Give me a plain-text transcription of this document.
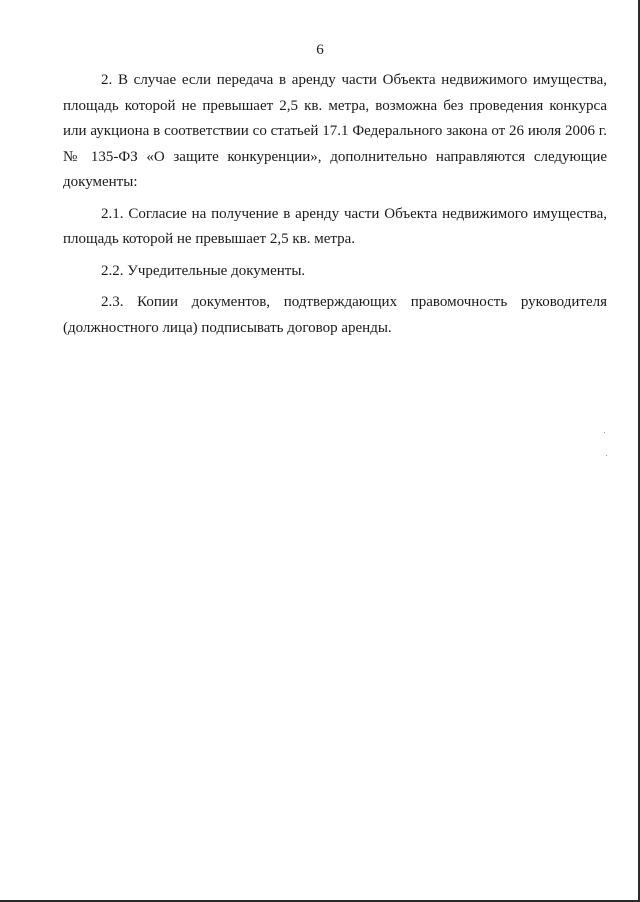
6

2. В случае если передача в аренду части Объекта недвижимого имущества, площадь которой не превышает 2,5 кв. метра, возможна без проведения конкурса или аукциона в соответствии со статьей 17.1 Федерального закона от 26 июля 2006 г. № 135-ФЗ «О защите конкуренции», дополнительно направляются следующие документы:

2.1. Согласие на получение в аренду части Объекта недвижимого имущества, площадь которой не превышает 2,5 кв. метра.

2.2. Учредительные документы.

2.3. Копии документов, подтверждающих правомочность руководителя (должностного лица) подписывать договор аренды.
